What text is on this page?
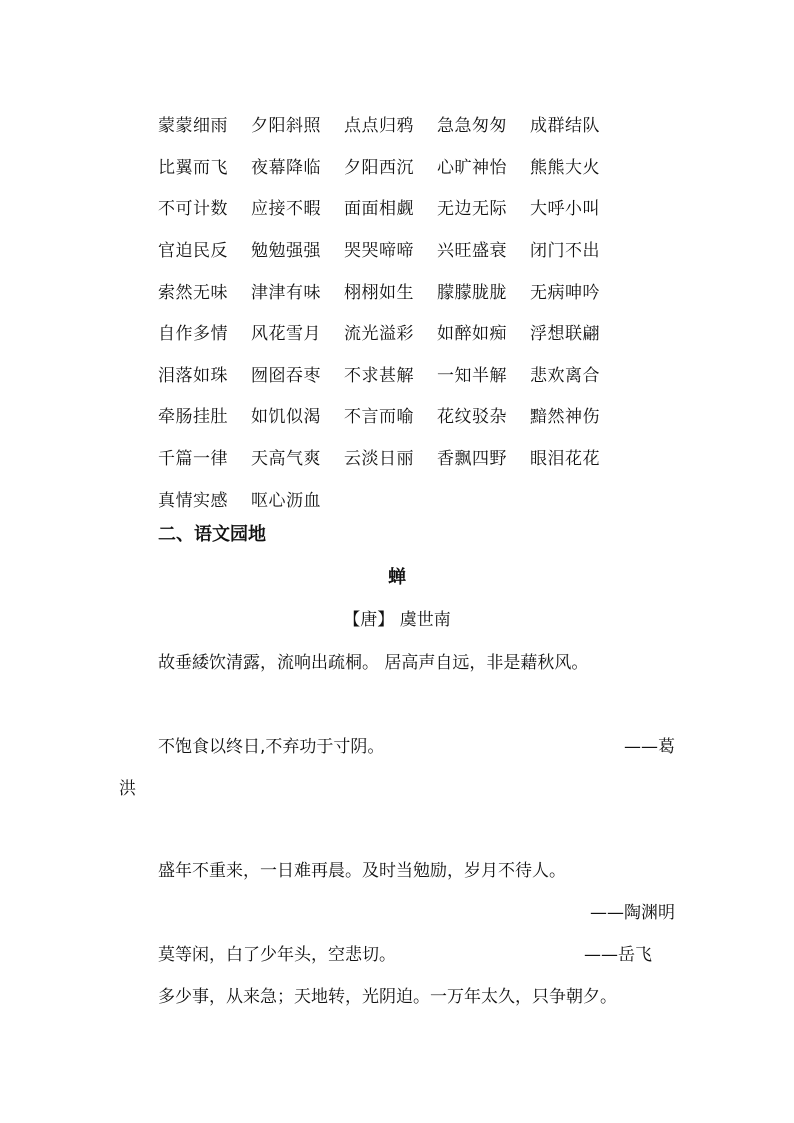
蒙蒙细雨	夕阳斜照	点点归鸦	急急匆匆	成群结队
比翼而飞	夜幕降临	夕阳西沉	心旷神怡	熊熊大火
不可计数	应接不暇	面面相觑	无边无际	大呼小叫
官迫民反	勉勉强强	哭哭啼啼	兴旺盛衰	闭门不出
索然无味	津津有味	栩栩如生	朦朦胧胧	无病呻吟
自作多情	风花雪月	流光溢彩	如醉如痴	浮想联翩
泪落如珠	囫囵吞枣	不求甚解	一知半解	悲欢离合
牵肠挂肚	如饥似渴	不言而喻	花纹驳杂	黯然神伤
千篇一律	天高气爽	云淡日丽	香飘四野	眼泪花花
真情实感	呕心沥血
二、语文园地
蝉
【唐】 虞世南
故垂緌饮清露，流响出疏桐。 居高声自远，非是藉秋风。
不饱食以终日,不弃功于寸阴。	——葛
洪
盛年不重来，一日难再晨。及时当勉励，岁月不待人。
——陶渊明
莫等闲，白了少年头，空悲切。	——岳飞
多少事，从来急；天地转，光阴迫。一万年太久，只争朝夕。
